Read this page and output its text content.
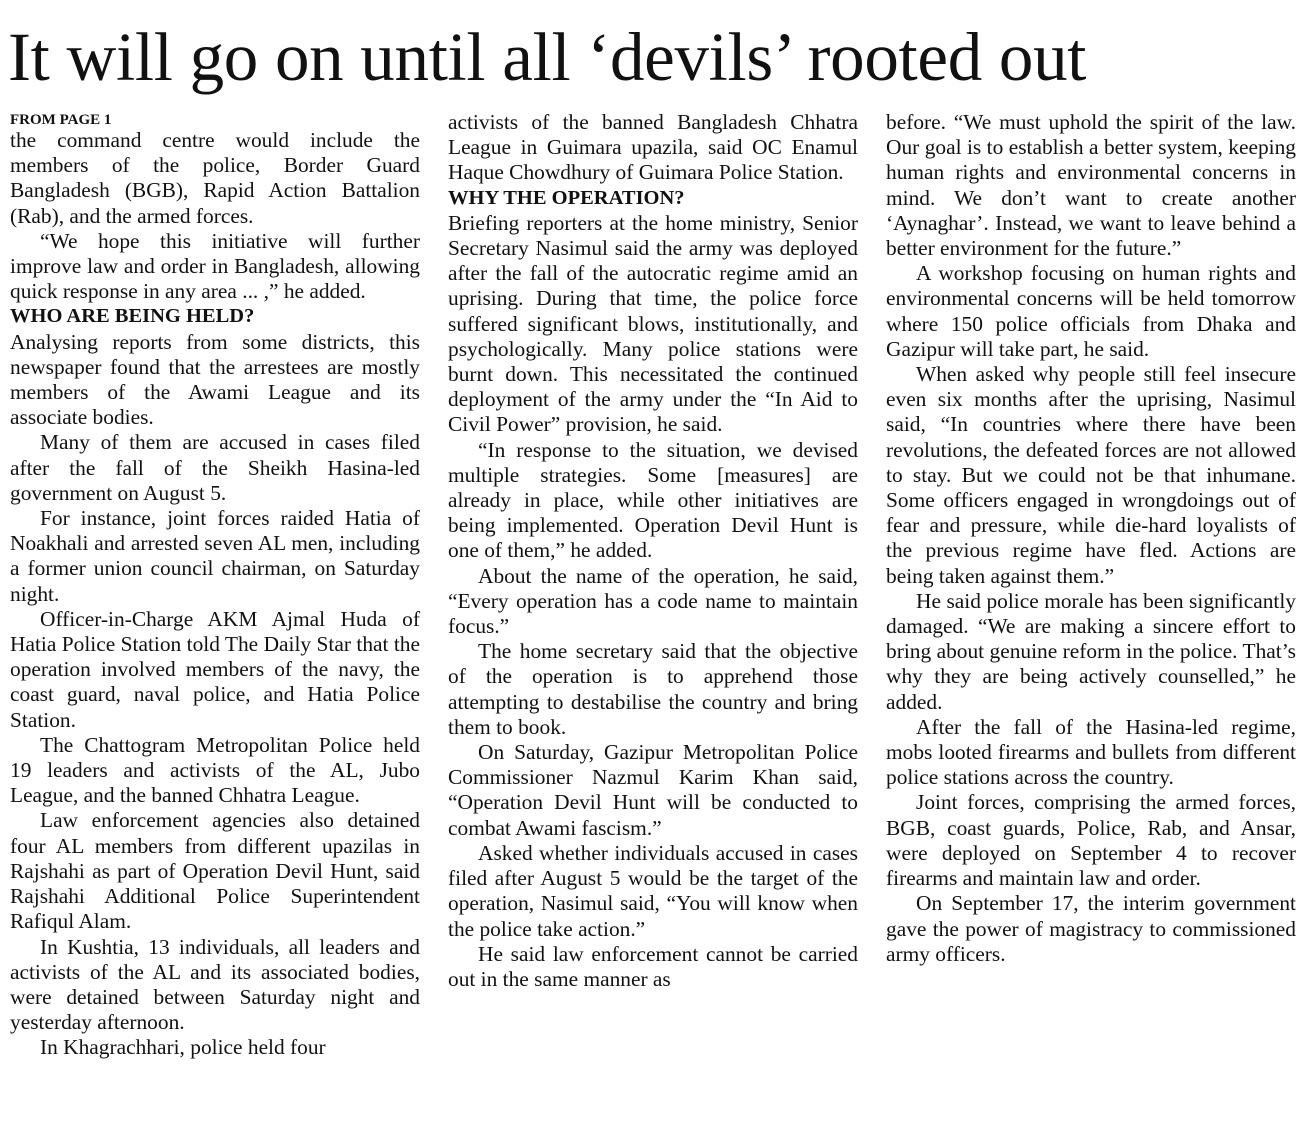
It will go on until all ‘devils’ rooted out
FROM PAGE 1

the command centre would include the members of the police, Border Guard Bangladesh (BGB), Rapid Action Battalion (Rab), and the armed forces.

“We hope this initiative will further improve law and order in Bangladesh, allowing quick response in any area ... ,” he added.

WHO ARE BEING HELD?

Analysing reports from some districts, this newspaper found that the arrestees are mostly members of the Awami League and its associate bodies.

Many of them are accused in cases filed after the fall of the Sheikh Hasina-led government on August 5.

For instance, joint forces raided Hatia of Noakhali and arrested seven AL men, including a former union council chairman, on Saturday night.

Officer-in-Charge AKM Ajmal Huda of Hatia Police Station told The Daily Star that the operation involved members of the navy, the coast guard, naval police, and Hatia Police Station.

The Chattogram Metropolitan Police held 19 leaders and activists of the AL, Jubo League, and the banned Chhatra League.

Law enforcement agencies also detained four AL members from different upazilas in Rajshahi as part of Operation Devil Hunt, said Rajshahi Additional Police Superintendent Rafiqul Alam.

In Kushtia, 13 individuals, all leaders and activists of the AL and its associated bodies, were detained between Saturday night and yesterday afternoon.

In Khagrachhari, police held four

activists of the banned Bangladesh Chhatra League in Guimara upazila, said OC Enamul Haque Chowdhury of Guimara Police Station.

WHY THE OPERATION?

Briefing reporters at the home ministry, Senior Secretary Nasimul said the army was deployed after the fall of the autocratic regime amid an uprising. During that time, the police force suffered significant blows, institutionally, and psychologically. Many police stations were burnt down. This necessitated the continued deployment of the army under the “In Aid to Civil Power” provision, he said.

“In response to the situation, we devised multiple strategies. Some [measures] are already in place, while other initiatives are being implemented. Operation Devil Hunt is one of them,” he added.

About the name of the operation, he said, “Every operation has a code name to maintain focus.”

The home secretary said that the objective of the operation is to apprehend those attempting to destabilise the country and bring them to book.

On Saturday, Gazipur Metropolitan Police Commissioner Nazmul Karim Khan said, “Operation Devil Hunt will be conducted to combat Awami fascism.”

Asked whether individuals accused in cases filed after August 5 would be the target of the operation, Nasimul said, “You will know when the police take action.”

He said law enforcement cannot be carried out in the same manner as

before. “We must uphold the spirit of the law. Our goal is to establish a better system, keeping human rights and environmental concerns in mind. We don’t want to create another ‘Aynaghar’. Instead, we want to leave behind a better environment for the future.”

A workshop focusing on human rights and environmental concerns will be held tomorrow where 150 police officials from Dhaka and Gazipur will take part, he said.

When asked why people still feel insecure even six months after the uprising, Nasimul said, “In countries where there have been revolutions, the defeated forces are not allowed to stay. But we could not be that inhumane. Some officers engaged in wrongdoings out of fear and pressure, while die-hard loyalists of the previous regime have fled. Actions are being taken against them.”

He said police morale has been significantly damaged. “We are making a sincere effort to bring about genuine reform in the police. That’s why they are being actively counselled,” he added.

After the fall of the Hasina-led regime, mobs looted firearms and bullets from different police stations across the country.

Joint forces, comprising the armed forces, BGB, coast guards, Police, Rab, and Ansar, were deployed on September 4 to recover firearms and maintain law and order.

On September 17, the interim government gave the power of magistracy to commissioned army officers.
